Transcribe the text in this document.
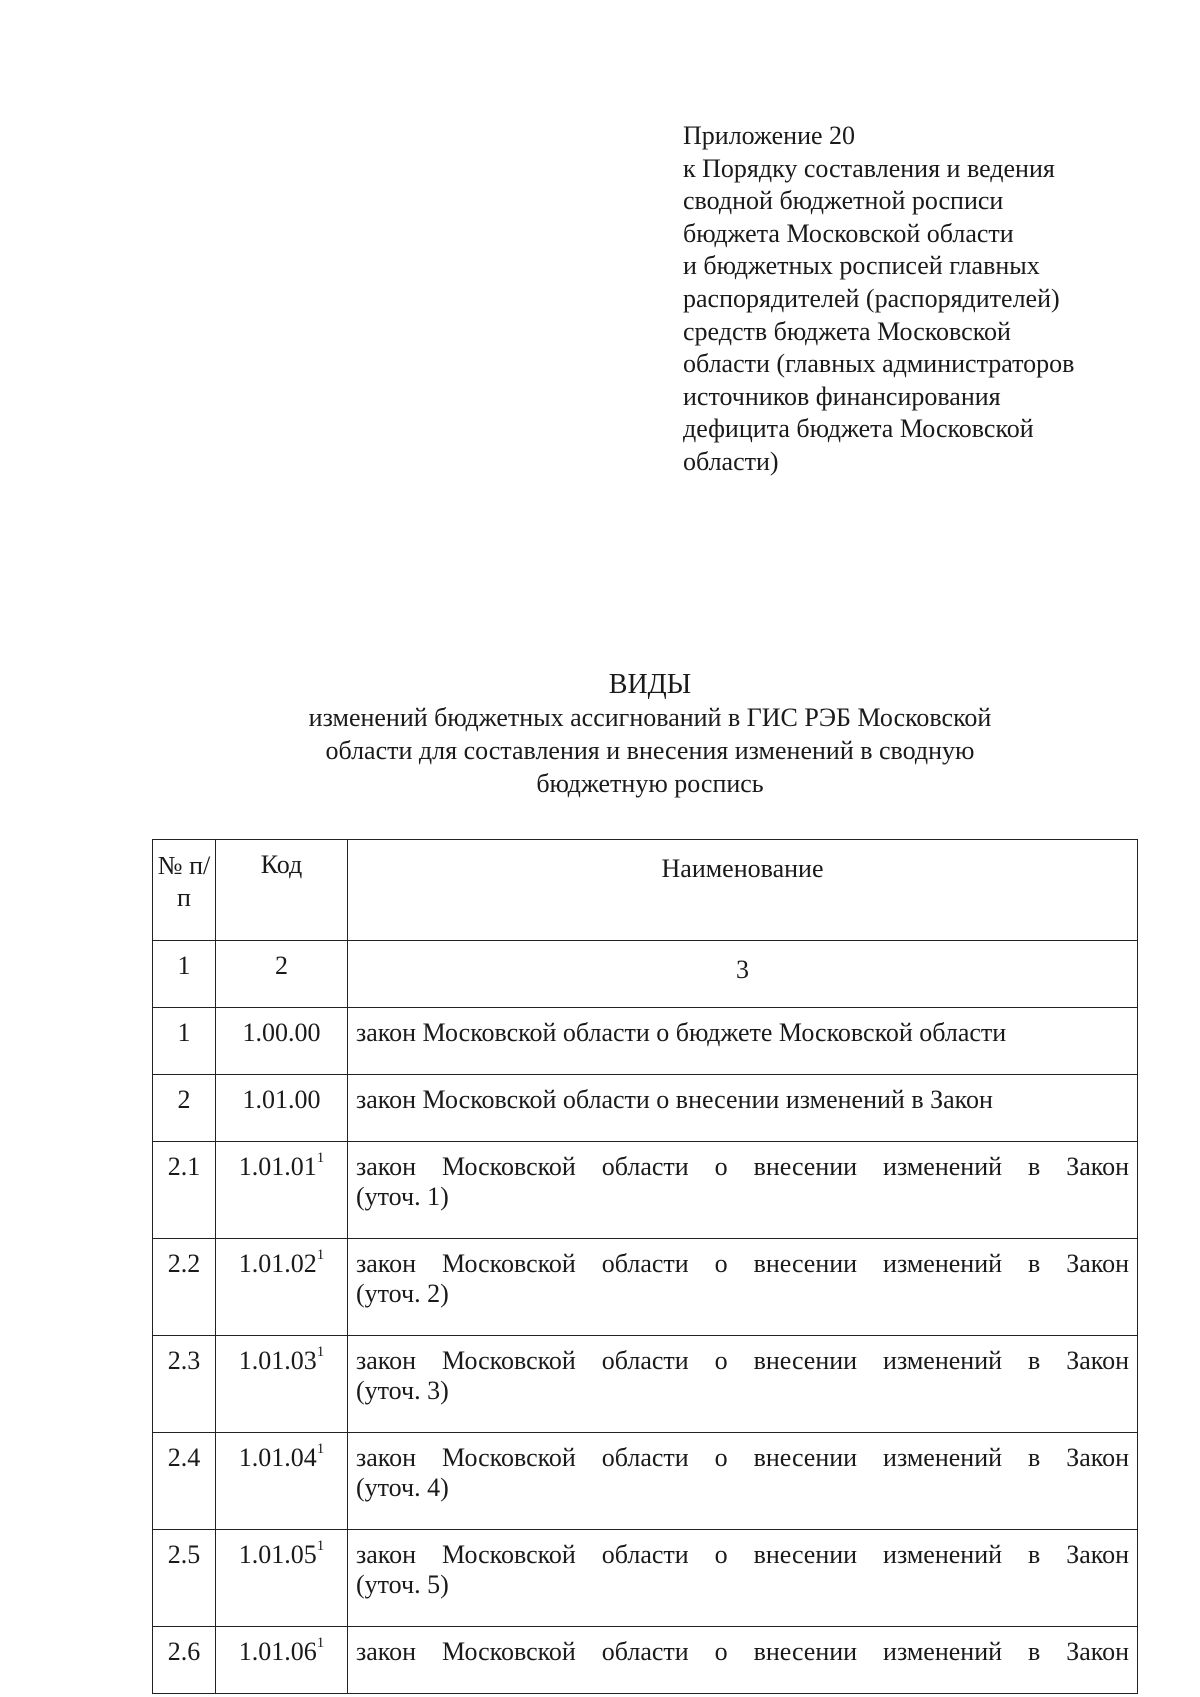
Приложение 20
к Порядку составления и ведения
сводной бюджетной росписи
бюджета Московской области
и бюджетных росписей главных
распорядителей (распорядителей)
средств бюджета Московской
области (главных администраторов
источников финансирования
дефицита бюджета Московской
области)
ВИДЫ
изменений бюджетных ассигнований в ГИС РЭБ Московской
области для составления и внесения изменений в сводную
бюджетную роспись
№ п/п	Код	Наименование
1	2	3
1	1.00.00	закон Московской области о бюджете Московской области
2	1.01.00	закон Московской области о внесении изменений в Закон
2.1	1.01.01$^1$	закон Московской области о внесении изменений в Закон
(уточ. 1)
2.2	1.01.02$^1$	закон Московской области о внесении изменений в Закон
(уточ. 2)
2.3	1.01.03$^1$	закон Московской области о внесении изменений в Закон
(уточ. 3)
2.4	1.01.04$^1$	закон Московской области о внесении изменений в Закон
(уточ. 4)
2.5	1.01.05$^1$	закон Московской области о внесении изменений в Закон
(уточ. 5)
2.6	1.01.06$^1$	закон Московской области о внесении изменений в Закон
